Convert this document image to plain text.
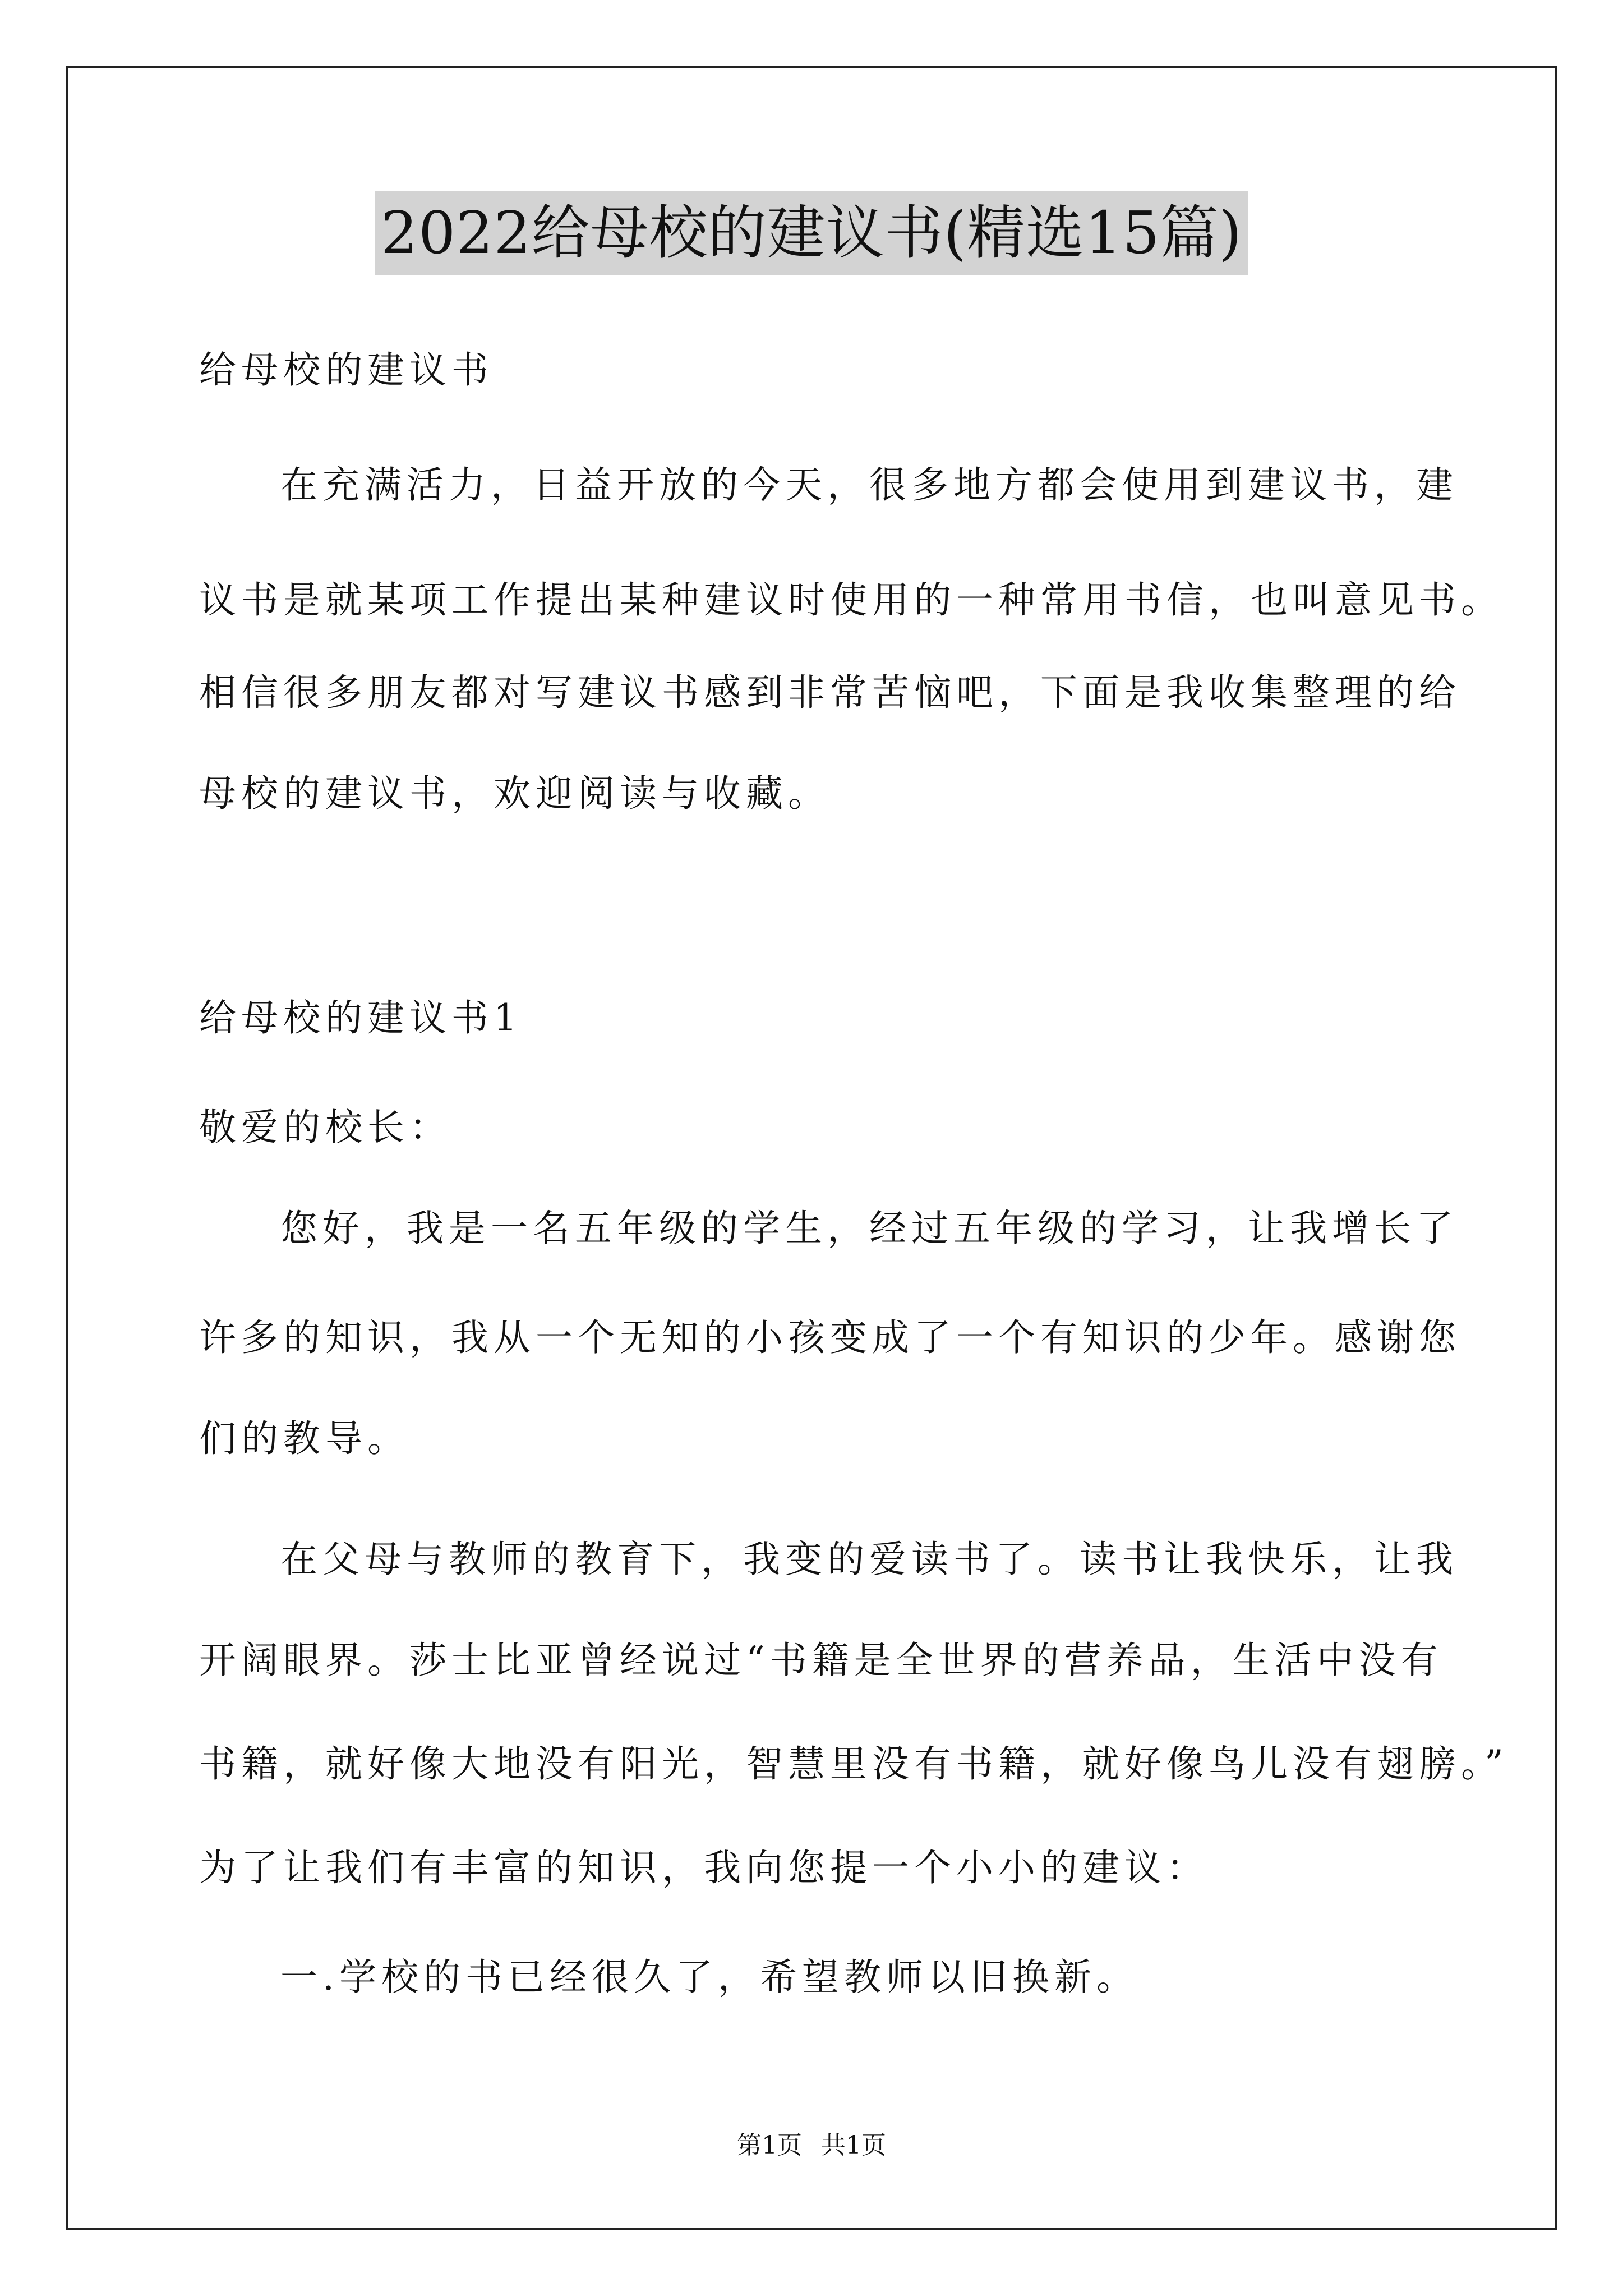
2022给母校的建议书(精选15篇)

给母校的建议书

在充满活力，日益开放的今天，很多地方都会使用到建议书，建

议书是就某项工作提出某种建议时使用的一种常用书信，也叫意见书。

相信很多朋友都对写建议书感到非常苦恼吧，下面是我收集整理的给

母校的建议书，欢迎阅读与收藏。

给母校的建议书1

敬爱的校长：

您好，我是一名五年级的学生，经过五年级的学习，让我增长了

许多的知识，我从一个无知的小孩变成了一个有知识的少年。感谢您

们的教导。

在父母与教师的教育下，我变的爱读书了。读书让我快乐，让我

开阔眼界。莎士比亚曾经说过“书籍是全世界的营养品，生活中没有

书籍，就好像大地没有阳光，智慧里没有书籍，就好像鸟儿没有翅膀。”

为了让我们有丰富的知识，我向您提一个小小的建议：

一.学校的书已经很久了，希望教师以旧换新。

第1页 共1页
